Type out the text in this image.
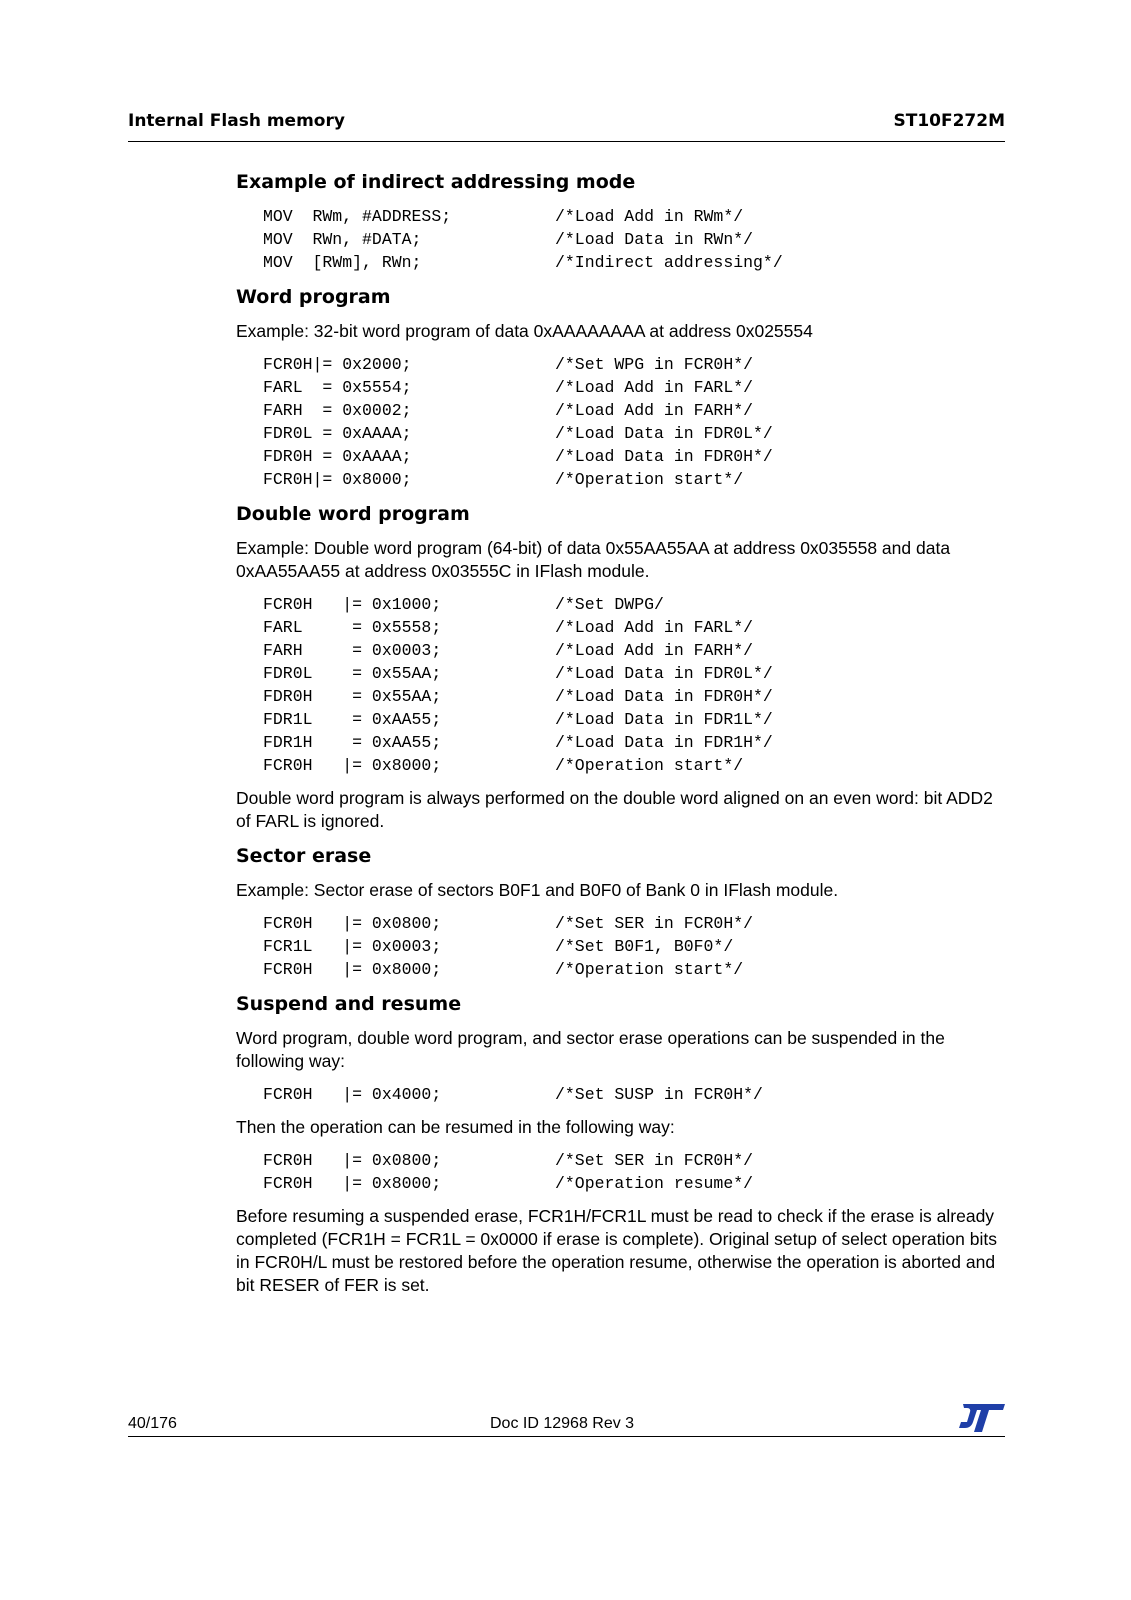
Internal Flash memory	ST10F272M
Example of indirect addressing mode
MOV  RWm, #ADDRESS;	/*Load Add in RWm*/
MOV  RWn, #DATA;	/*Load Data in RWn*/
MOV  [RWm], RWn;	/*Indirect addressing*/
Word program

Example: 32-bit word program of data 0xAAAAAAAA at address 0x025554

FCR0H|= 0x2000;	/*Set WPG in FCR0H*/
FARL  = 0x5554;	/*Load Add in FARL*/
FARH  = 0x0002;	/*Load Add in FARH*/
FDR0L = 0xAAAA;	/*Load Data in FDR0L*/
FDR0H = 0xAAAA;	/*Load Data in FDR0H*/
FCR0H|= 0x8000;	/*Operation start*/
Double word program

Example: Double word program (64-bit) of data 0x55AA55AA at address 0x035558 and data 0xAA55AA55 at address 0x03555C in IFlash module.

FCR0H   |= 0x1000;	/*Set DWPG/
FARL     = 0x5558;	/*Load Add in FARL*/
FARH     = 0x0003;	/*Load Add in FARH*/
FDR0L    = 0x55AA;	/*Load Data in FDR0L*/
FDR0H    = 0x55AA;	/*Load Data in FDR0H*/
FDR1L    = 0xAA55;	/*Load Data in FDR1L*/
FDR1H    = 0xAA55;	/*Load Data in FDR1H*/
FCR0H   |= 0x8000;	/*Operation start*/

Double word program is always performed on the double word aligned on an even word: bit ADD2 of FARL is ignored.

Sector erase

Example: Sector erase of sectors B0F1 and B0F0 of Bank 0 in IFlash module.

FCR0H   |= 0x0800;	/*Set SER in FCR0H*/
FCR1L   |= 0x0003;	/*Set B0F1, B0F0*/
FCR0H   |= 0x8000;	/*Operation start*/
Suspend and resume

Word program, double word program, and sector erase operations can be suspended in the following way:

FCR0H   |= 0x4000;	/*Set SUSP in FCR0H*/

Then the operation can be resumed in the following way:

FCR0H   |= 0x0800;	/*Set SER in FCR0H*/
FCR0H   |= 0x8000;	/*Operation resume*/

Before resuming a suspended erase, FCR1H/FCR1L must be read to check if the erase is already completed (FCR1H = FCR1L = 0x0000 if erase is complete). Original setup of select operation bits in FCR0H/L must be restored before the operation resume, otherwise the operation is aborted and bit RESER of FER is set.

40/176	Doc ID 12968 Rev 3
